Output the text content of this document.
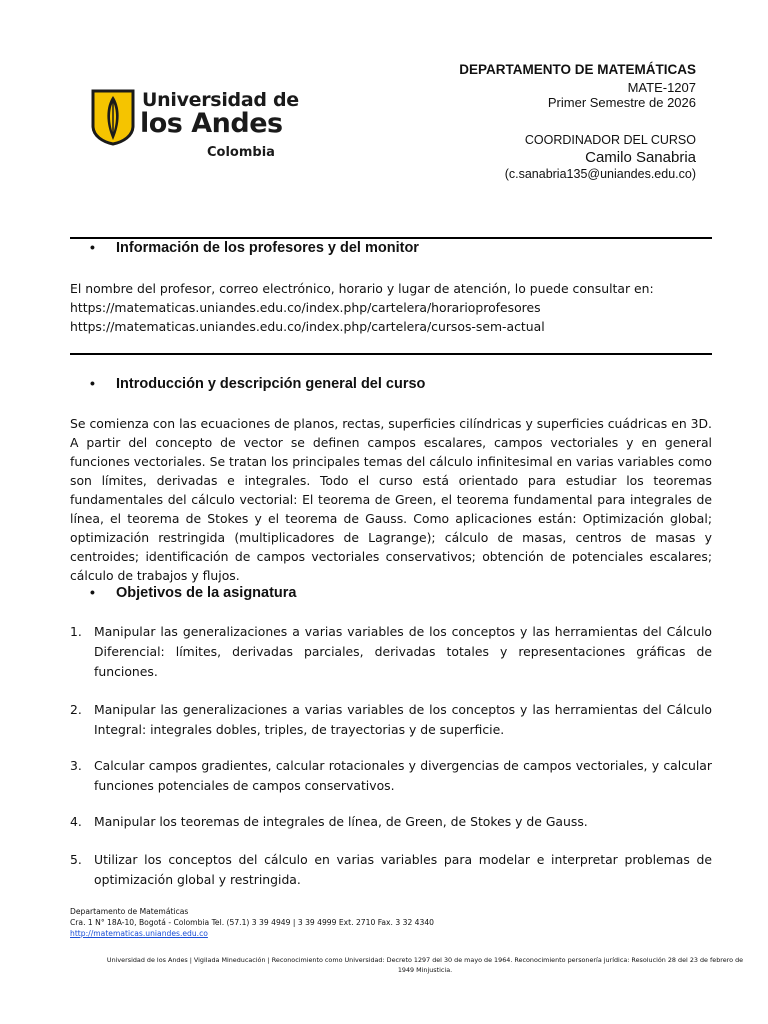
Universidad de
los Andes
Colombia
DEPARTAMENTO DE MATEMÁTICAS
MATE-1207
Primer Semestre de 2026
COORDINADOR DEL CURSO
Camilo Sanabria
(c.sanabria135@uniandes.edu.co)
• Información de los profesores y del monitor
El nombre del profesor, correo electrónico, horario y lugar de atención, lo puede consultar en:
https://matematicas.uniandes.edu.co/index.php/cartelera/horarioprofesores
https://matematicas.uniandes.edu.co/index.php/cartelera/cursos-sem-actual
• Introducción y descripción general del curso
Se comienza con las ecuaciones de planos, rectas, superficies cilíndricas y superficies cuádricas en 3D. A partir del concepto de vector se definen campos escalares, campos vectoriales y en general funciones vectoriales. Se tratan los principales temas del cálculo infinitesimal en varias variables como son límites, derivadas e integrales. Todo el curso está orientado para estudiar los teoremas fundamentales del cálculo vectorial: El teorema de Green, el teorema fundamental para integrales de línea, el teorema de Stokes y el teorema de Gauss. Como aplicaciones están: Optimización global; optimización restringida (multiplicadores de Lagrange); cálculo de masas, centros de masas y centroides; identificación de campos vectoriales conservativos; obtención de potenciales escalares; cálculo de trabajos y flujos.
• Objetivos de la asignatura
1. Manipular las generalizaciones a varias variables de los conceptos y las herramientas del Cálculo Diferencial: límites, derivadas parciales, derivadas totales y representaciones gráficas de funciones.
2. Manipular las generalizaciones a varias variables de los conceptos y las herramientas del Cálculo Integral: integrales dobles, triples, de trayectorias y de superficie.
3. Calcular campos gradientes, calcular rotacionales y divergencias de campos vectoriales, y calcular funciones potenciales de campos conservativos.
4. Manipular los teoremas de integrales de línea, de Green, de Stokes y de Gauss.
5. Utilizar los conceptos del cálculo en varias variables para modelar e interpretar problemas de optimización global y restringida.
Departamento de Matemáticas
Cra. 1 N° 18A-10, Bogotá - Colombia Tel. (57.1) 3 39 4949 | 3 39 4999 Ext. 2710 Fax. 3 32 4340
http://matematicas.uniandes.edu.co
Universidad de los Andes | Vigilada Mineducación | Reconocimiento como Universidad: Decreto 1297 del 30 de mayo de 1964. Reconocimiento personería jurídica: Resolución 28 del 23 de febrero de 1949 Minjusticia.
